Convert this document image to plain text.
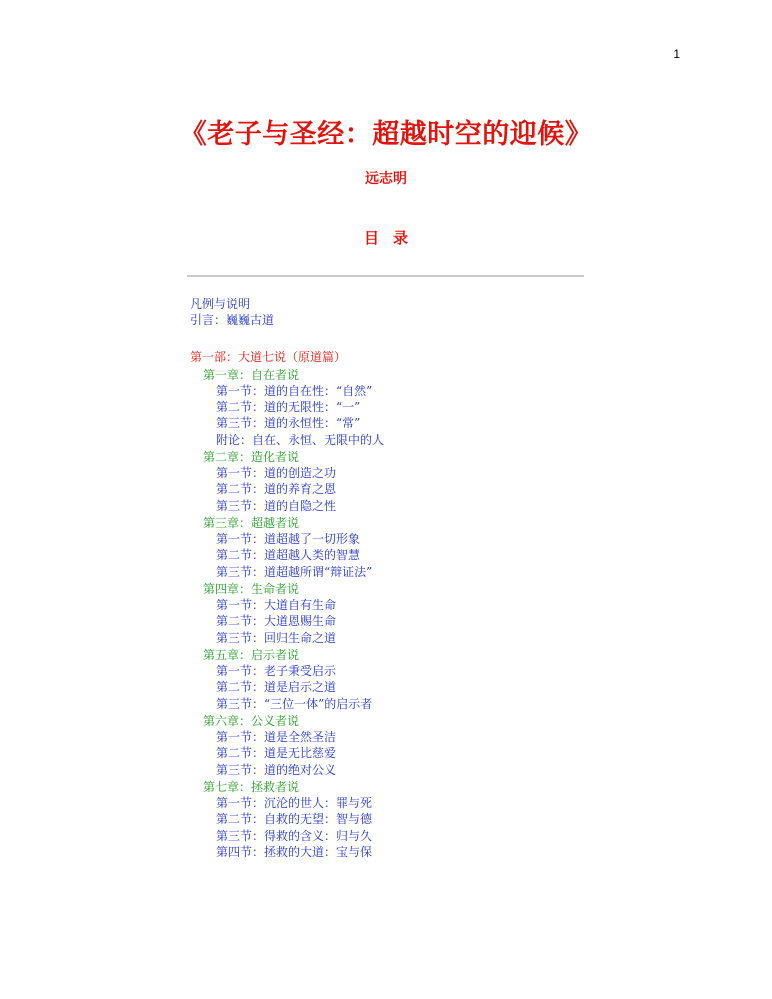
1
《老子与圣经：超越时空的迎候》
远志明
目录
凡例与说明
引言：巍巍古道
第一部：大道七说（原道篇）
第一章：自在者说
第一节：道的自在性：“自然”
第二节：道的无限性：“一”
第三节：道的永恒性：“常”
附论：自在、永恒、无限中的人
第二章：造化者说
第一节：道的创造之功
第二节：道的养育之恩
第三节：道的自隐之性
第三章：超越者说
第一节：道超越了一切形象
第二节：道超越人类的智慧
第三节：道超越所谓“辩证法”
第四章：生命者说
第一节：大道自有生命
第二节：大道恩赐生命
第三节：回归生命之道
第五章：启示者说
第一节：老子秉受启示
第二节：道是启示之道
第三节：“三位一体”的启示者
第六章：公义者说
第一节：道是全然圣洁
第二节：道是无比慈爱
第三节：道的绝对公义
第七章：拯救者说
第一节：沉沦的世人：罪与死
第二节：自救的无望：智与德
第三节：得救的含义：归与久
第四节：拯救的大道：宝与保
